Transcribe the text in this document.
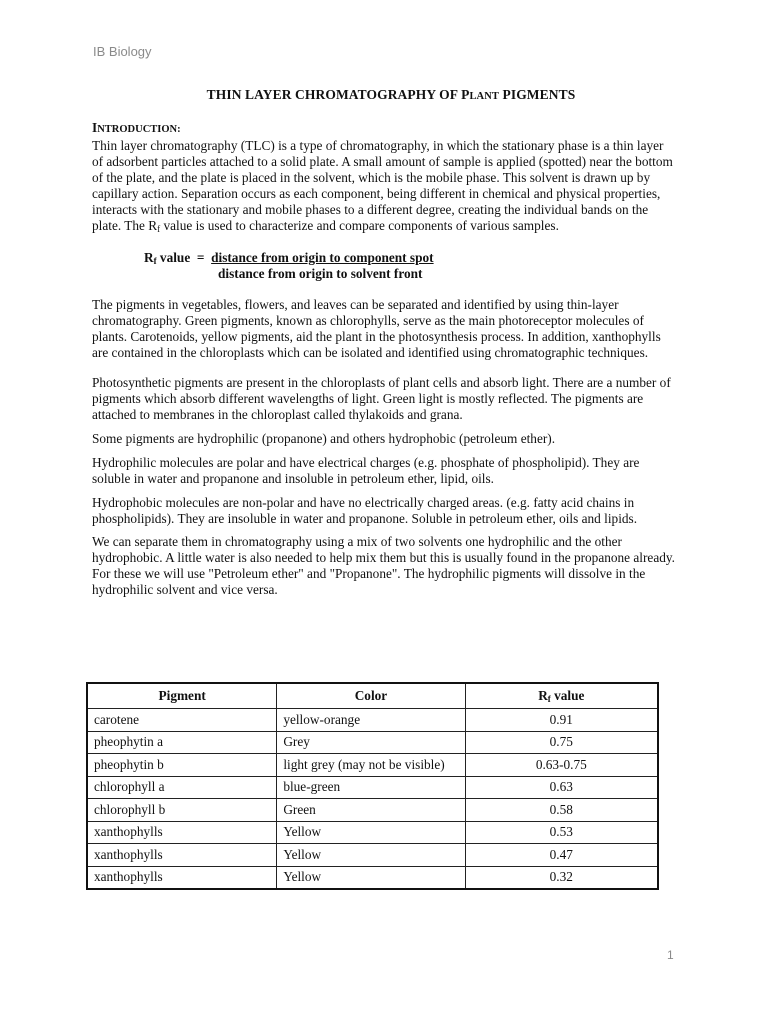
IB Biology
THIN LAYER CHROMATOGRAPHY OF PLANT PIGMENTS
INTRODUCTION:

Thin layer chromatography (TLC) is a type of chromatography, in which the stationary phase is a thin layer of adsorbent particles attached to a solid plate. A small amount of sample is applied (spotted) near the bottom of the plate, and the plate is placed in the solvent, which is the mobile phase. This solvent is drawn up by capillary action. Separation occurs as each component, being different in chemical and physical properties, interacts with the stationary and mobile phases to a different degree, creating the individual bands on the plate. The $R_f$ value is used to characterize and compare components of various samples.

$R_f$ value  =  distance from origin to component spot
distance from origin to solvent front

The pigments in vegetables, flowers, and leaves can be separated and identified by using thin-layer chromatography. Green pigments, known as chlorophylls, serve as the main photoreceptor molecules of plants. Carotenoids, yellow pigments, aid the plant in the photosynthesis process. In addition, xanthophylls are contained in the chloroplasts which can be isolated and identified using chromatographic techniques.

Photosynthetic pigments are present in the chloroplasts of plant cells and absorb light. There are a number of pigments which absorb different wavelengths of light. Green light is mostly reflected. The pigments are attached to membranes in the chloroplast called thylakoids and grana.

Some pigments are hydrophilic (propanone) and others hydrophobic (petroleum ether).

Hydrophilic molecules are polar and have electrical charges (e.g. phosphate of phospholipid). They are soluble in water and propanone and insoluble in petroleum ether, lipid, oils.

Hydrophobic molecules are non-polar and have no electrically charged areas. (e.g. fatty acid chains in phospholipids). They are insoluble in water and propanone. Soluble in petroleum ether, oils and lipids.

We can separate them in chromatography using a mix of two solvents one hydrophilic and the other hydrophobic. A little water is also needed to help mix them but this is usually found in the propanone already. For these we will use "Petroleum ether" and "Propanone". The hydrophilic pigments will dissolve in the hydrophilic solvent and vice versa.

Pigment	Color	$R_f$ value
carotene	yellow-orange	0.91
pheophytin a	Grey	0.75
pheophytin b	light grey (may not be visible)	0.63-0.75
chlorophyll a	blue-green	0.63
chlorophyll b	Green	0.58
xanthophylls	Yellow	0.53
xanthophylls	Yellow	0.47
xanthophylls	Yellow	0.32
1
